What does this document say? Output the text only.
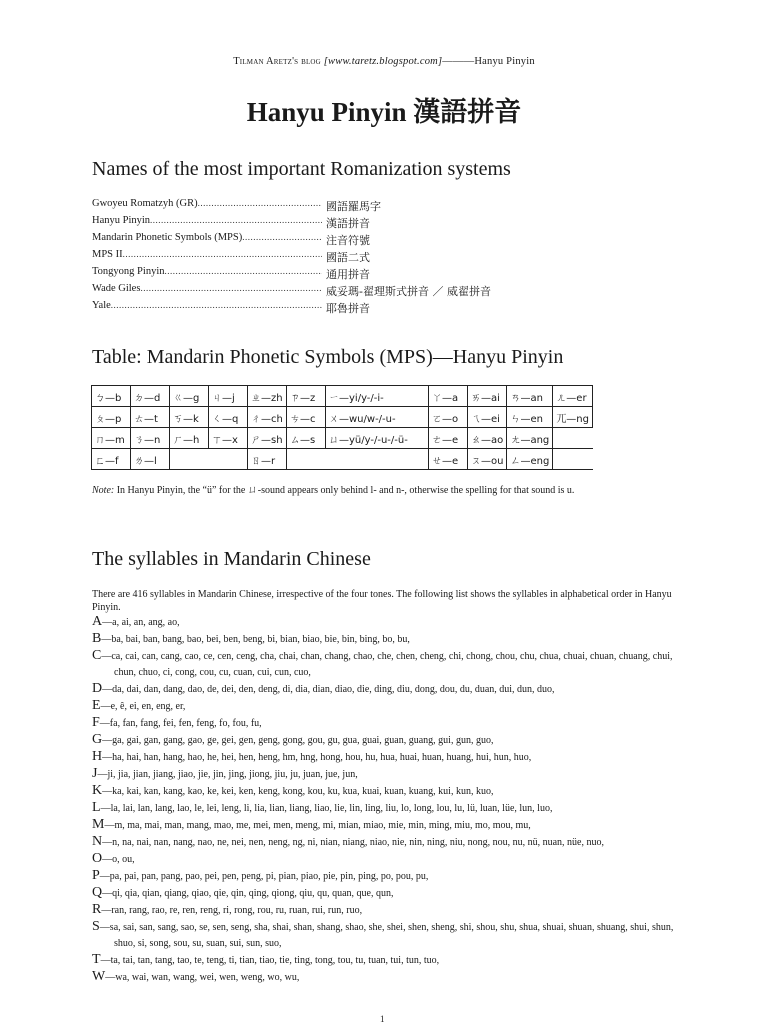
Tilman Aretz's blog [www.taretz.blogspot.com]———Hanyu Pinyin
Hanyu Pinyin 漢語拼音
Names of the most important Romanization systems
Gwoyeu Romatzyh (GR) .....	國語羅馬字
Hanyu Pinyin .....	漢語拼音
Mandarin Phonetic Symbols (MPS) .....	注音符號
MPS II .....	國語二式
Tongyong Pinyin .....	通用拼音
Wade Giles .....	威妥瑪-翟理斯式拼音 ／ 威翟拼音
Yale .....	耶魯拼音
Table: Mandarin Phonetic Symbols (MPS)—Hanyu Pinyin
ㄅ—b	ㄉ—d	ㄍ—g	ㄐ—j	ㄓ—zh	ㄗ—z	ㄧ—yi/y-/-i-	ㄚ—a	ㄞ—ai	ㄢ—an	ㄦ—er
ㄆ—p	ㄊ—t	ㄎ—k	ㄑ—q	ㄔ—ch	ㄘ—c	ㄨ—wu/w-/-u-	ㄛ—o	ㄟ—ei	ㄣ—en	ㄫ—ng
ㄇ—m	ㄋ—n	ㄏ—h	ㄒ—x	ㄕ—sh	ㄙ—s	ㄩ—yü/y-/-u-/-ü-	ㄜ—e	ㄠ—ao	ㄤ—ang	
ㄈ—f	ㄌ—l			ㄖ—r			ㄝ—e	ㄡ—ou	ㄥ—eng	
Note: In Hanyu Pinyin, the “ü” for the ㄩ-sound appears only behind l- and n-, otherwise the spelling for that sound is u.
The syllables in Mandarin Chinese
There are 416 syllables in Mandarin Chinese, irrespective of the four tones. The following list shows the syllables in alphabetical order in Hanyu Pinyin.
A—a, ai, an, ang, ao,
B—ba, bai, ban, bang, bao, bei, ben, beng, bi, bian, biao, bie, bin, bing, bo, bu,
C—ca, cai, can, cang, cao, ce, cen, ceng, cha, chai, chan, chang, chao, che, chen, cheng, chi, chong, chou, chu, chua, chuai, chuan, chuang, chui, chun, chuo, ci, cong, cou, cu, cuan, cui, cun, cuo,
D—da, dai, dan, dang, dao, de, dei, den, deng, di, dia, dian, diao, die, ding, diu, dong, dou, du, duan, dui, dun, duo,
E—e, ê, ei, en, eng, er,
F—fa, fan, fang, fei, fen, feng, fo, fou, fu,
G—ga, gai, gan, gang, gao, ge, gei, gen, geng, gong, gou, gu, gua, guai, guan, guang, gui, gun, guo,
H—ha, hai, han, hang, hao, he, hei, hen, heng, hm, hng, hong, hou, hu, hua, huai, huan, huang, hui, hun, huo,
J—ji, jia, jian, jiang, jiao, jie, jin, jing, jiong, jiu, ju, juan, jue, jun,
K—ka, kai, kan, kang, kao, ke, kei, ken, keng, kong, kou, ku, kua, kuai, kuan, kuang, kui, kun, kuo,
L—la, lai, lan, lang, lao, le, lei, leng, li, lia, lian, liang, liao, lie, lin, ling, liu, lo, long, lou, lu, lü, luan, lüe, lun, luo,
M—m, ma, mai, man, mang, mao, me, mei, men, meng, mi, mian, miao, mie, min, ming, miu, mo, mou, mu,
N—n, na, nai, nan, nang, nao, ne, nei, nen, neng, ng, ni, nian, niang, niao, nie, nin, ning, niu, nong, nou, nu, nü, nuan, nüe, nuo,
O—o, ou,
P—pa, pai, pan, pang, pao, pei, pen, peng, pi, pian, piao, pie, pin, ping, po, pou, pu,
Q—qi, qia, qian, qiang, qiao, qie, qin, qing, qiong, qiu, qu, quan, que, qun,
R—ran, rang, rao, re, ren, reng, ri, rong, rou, ru, ruan, rui, run, ruo,
S—sa, sai, san, sang, sao, se, sen, seng, sha, shai, shan, shang, shao, she, shei, shen, sheng, shi, shou, shu, shua, shuai, shuan, shuang, shui, shun, shuo, si, song, sou, su, suan, sui, sun, suo,
T—ta, tai, tan, tang, tao, te, teng, ti, tian, tiao, tie, ting, tong, tou, tu, tuan, tui, tun, tuo,
W—wa, wai, wan, wang, wei, wen, weng, wo, wu,
1
